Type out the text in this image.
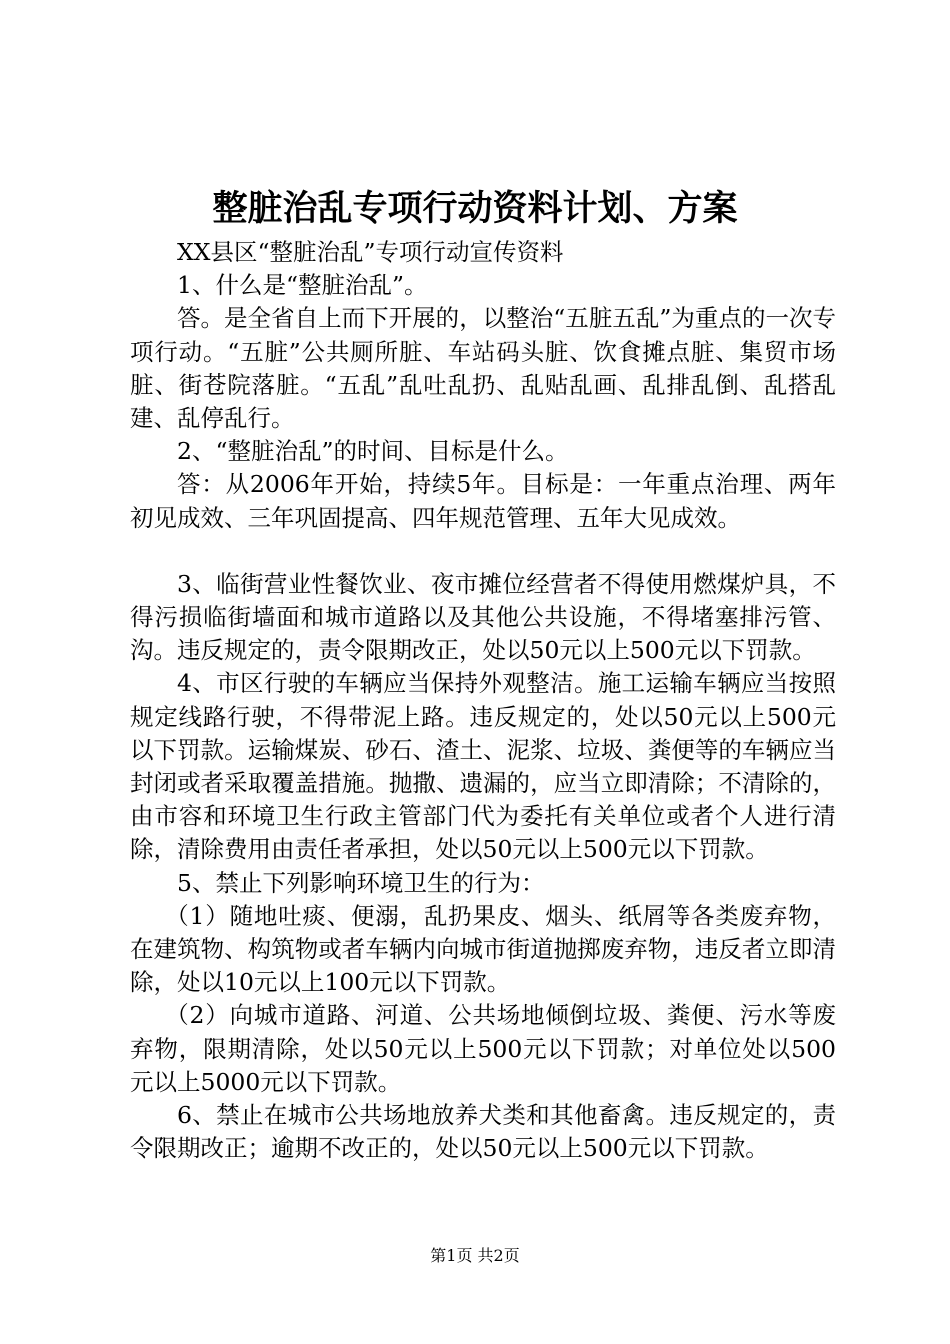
整脏治乱专项行动资料计划、方案

XX县区“整脏治乱”专项行动宣传资料

1、什么是“整脏治乱”。

答。是全省自上而下开展的，以整治“五脏五乱”为重点的一次专项行动。“五脏”公共厕所脏、车站码头脏、饮食摊点脏、集贸市场脏、街苍院落脏。“五乱”乱吐乱扔、乱贴乱画、乱排乱倒、乱搭乱建、乱停乱行。

2、“整脏治乱”的时间、目标是什么。

答：从2006年开始，持续5年。目标是：一年重点治理、两年初见成效、三年巩固提高、四年规范管理、五年大见成效。

3、临街营业性餐饮业、夜市摊位经营者不得使用燃煤炉具，不得污损临街墙面和城市道路以及其他公共设施，不得堵塞排污管、沟。违反规定的，责令限期改正，处以50元以上500元以下罚款。

4、市区行驶的车辆应当保持外观整洁。施工运输车辆应当按照规定线路行驶，不得带泥上路。违反规定的，处以50元以上500元以下罚款。运输煤炭、砂石、渣土、泥浆、垃圾、粪便等的车辆应当封闭或者采取覆盖措施。抛撒、遗漏的，应当立即清除；不清除的，由市容和环境卫生行政主管部门代为委托有关单位或者个人进行清除，清除费用由责任者承担，处以50元以上500元以下罚款。

5、禁止下列影响环境卫生的行为：

（1）随地吐痰、便溺，乱扔果皮、烟头、纸屑等各类废弃物，在建筑物、构筑物或者车辆内向城市街道抛掷废弃物，违反者立即清除，处以10元以上100元以下罚款。

（2）向城市道路、河道、公共场地倾倒垃圾、粪便、污水等废弃物，限期清除，处以50元以上500元以下罚款；对单位处以500元以上5000元以下罚款。

6、禁止在城市公共场地放养犬类和其他畜禽。违反规定的，责令限期改正；逾期不改正的，处以50元以上500元以下罚款。

第1页 共2页
